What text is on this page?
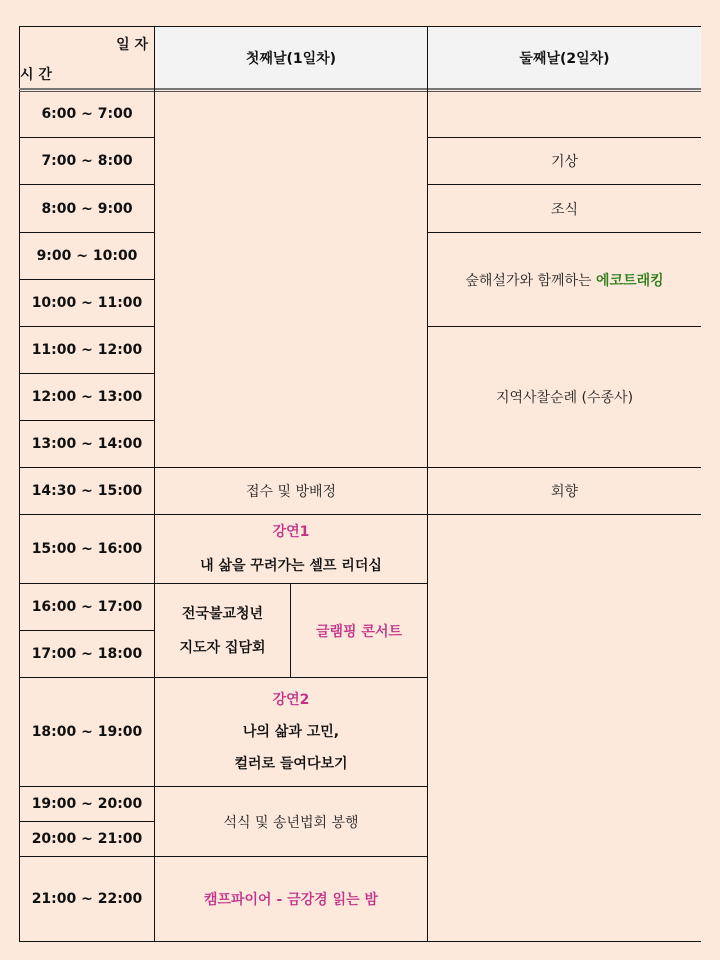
일 자
시 간
첫째날(1일차)	둘째날(2일차)
6:00 ~ 7:00
7:00 ~ 8:00
8:00 ~ 9:00
9:00 ~ 10:00
10:00 ~ 11:00
11:00 ~ 12:00
12:00 ~ 13:00
13:00 ~ 14:00
14:30 ~ 15:00
15:00 ~ 16:00
16:00 ~ 17:00
17:00 ~ 18:00
18:00 ~ 19:00
19:00 ~ 20:00
20:00 ~ 21:00
21:00 ~ 22:00
접수 및 방배정
강연1
내 삶을 꾸려가는 셀프 리더십
전국불교청년
지도자 집담회
글램핑 콘서트
강연2
나의 삶과 고민,
컬러로 들여다보기
석식 및 송년법회 봉행
캠프파이어 - 금강경 읽는 밤
기상
조식
숲해설가와 함께하는 에코트래킹
지역사찰순례 (수종사)
회향
